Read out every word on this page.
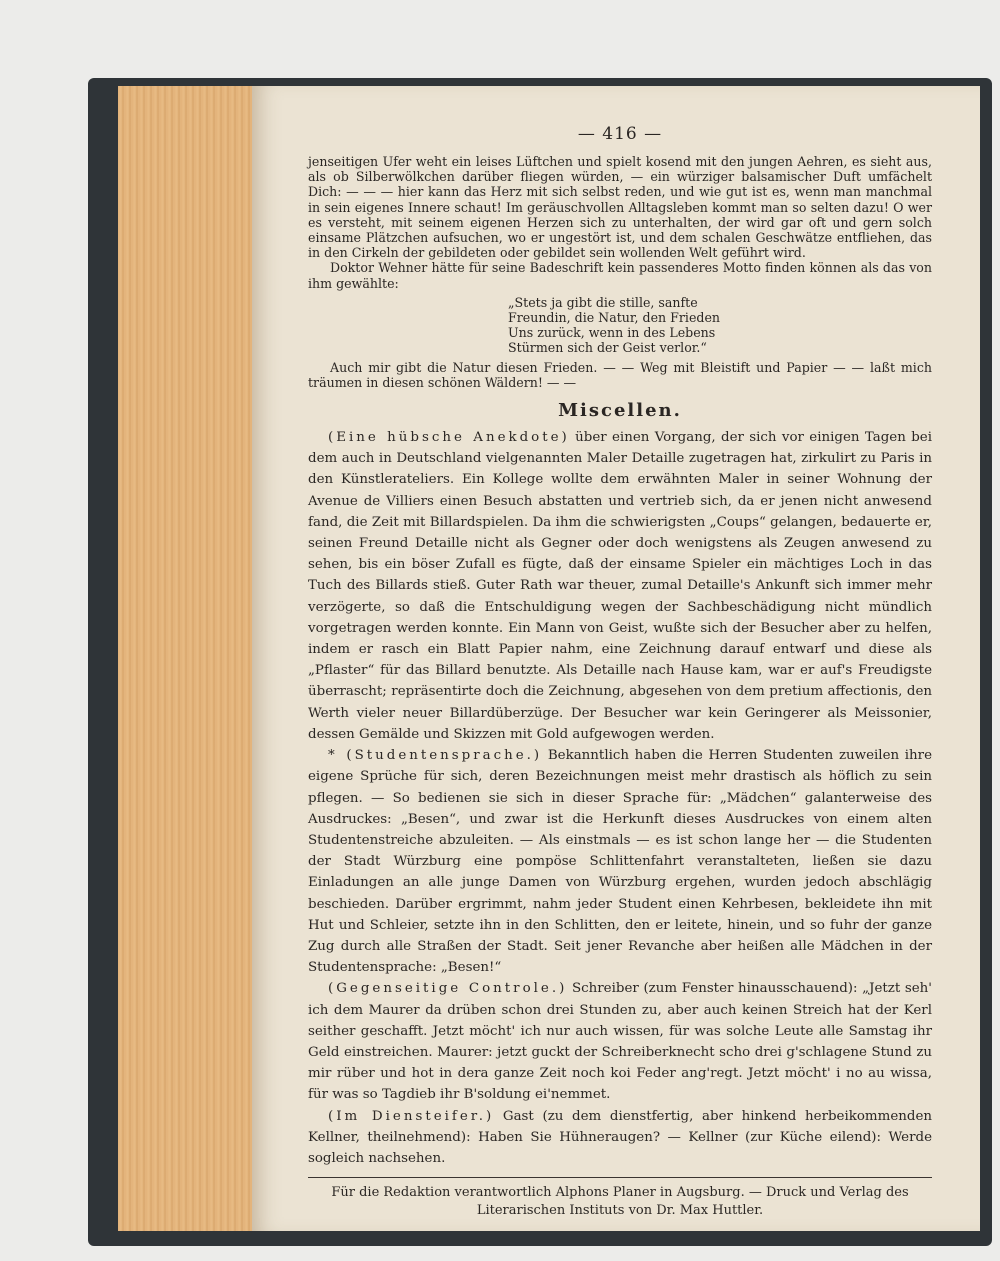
— 416 —

jenseitigen Ufer weht ein leises Lüftchen und spielt kosend mit den jungen Aehren, es sieht aus, als ob Silberwölkchen darüber fliegen würden, — ein würziger balsamischer Duft umfächelt Dich: — — — hier kann das Herz mit sich selbst reden, und wie gut ist es, wenn man manchmal in sein eigenes Innere schaut! Im geräuschvollen Alltagsleben kommt man so selten dazu! O wer es versteht, mit seinem eigenen Herzen sich zu unterhalten, der wird gar oft und gern solch einsame Plätzchen aufsuchen, wo er ungestört ist, und dem schalen Geschwätze entfliehen, das in den Cirkeln der gebildeten oder gebildet sein wollenden Welt geführt wird.

Doktor Wehner hätte für seine Badeschrift kein passenderes Motto finden können als das von ihm gewählte:

„Stets ja gibt die stille, sanfte
Freundin, die Natur, den Frieden
Uns zurück, wenn in des Lebens
Stürmen sich der Geist verlor.“

Auch mir gibt die Natur diesen Frieden. — — Weg mit Bleistift und Papier — — laßt mich träumen in diesen schönen Wäldern! — —

Miscellen.

(Eine hübsche Anekdote) über einen Vorgang, der sich vor einigen Tagen bei dem auch in Deutschland vielgenannten Maler Detaille zugetragen hat, zirkulirt zu Paris in den Künstlerateliers. Ein Kollege wollte dem erwähnten Maler in seiner Wohnung der Avenue de Villiers einen Besuch abstatten und vertrieb sich, da er jenen nicht anwesend fand, die Zeit mit Billardspielen. Da ihm die schwierigsten „Coups“ gelangen, bedauerte er, seinen Freund Detaille nicht als Gegner oder doch wenigstens als Zeugen anwesend zu sehen, bis ein böser Zufall es fügte, daß der einsame Spieler ein mächtiges Loch in das Tuch des Billards stieß. Guter Rath war theuer, zumal Detaille's Ankunft sich immer mehr verzögerte, so daß die Entschuldigung wegen der Sachbeschädigung nicht mündlich vorgetragen werden konnte. Ein Mann von Geist, wußte sich der Besucher aber zu helfen, indem er rasch ein Blatt Papier nahm, eine Zeichnung darauf entwarf und diese als „Pflaster“ für das Billard benutzte. Als Detaille nach Hause kam, war er auf's Freudigste überrascht; repräsentirte doch die Zeichnung, abgesehen von dem pretium affectionis, den Werth vieler neuer Billardüberzüge. Der Besucher war kein Geringerer als Meissonier, dessen Gemälde und Skizzen mit Gold aufgewogen werden.

* (Studentensprache.) Bekanntlich haben die Herren Studenten zuweilen ihre eigene Sprüche für sich, deren Bezeichnungen meist mehr drastisch als höflich zu sein pflegen. — So bedienen sie sich in dieser Sprache für: „Mädchen“ galanterweise des Ausdruckes: „Besen“, und zwar ist die Herkunft dieses Ausdruckes von einem alten Studentenstreiche abzuleiten. — Als einstmals — es ist schon lange her — die Studenten der Stadt Würzburg eine pompöse Schlittenfahrt veranstalteten, ließen sie dazu Einladungen an alle junge Damen von Würzburg ergehen, wurden jedoch abschlägig beschieden. Darüber ergrimmt, nahm jeder Student einen Kehrbesen, bekleidete ihn mit Hut und Schleier, setzte ihn in den Schlitten, den er leitete, hinein, und so fuhr der ganze Zug durch alle Straßen der Stadt. Seit jener Revanche aber heißen alle Mädchen in der Studentensprache: „Besen!“

(Gegenseitige Controle.) Schreiber (zum Fenster hinausschauend): „Jetzt seh' ich dem Maurer da drüben schon drei Stunden zu, aber auch keinen Streich hat der Kerl seither geschafft. Jetzt möcht' ich nur auch wissen, für was solche Leute alle Samstag ihr Geld einstreichen. Maurer: jetzt guckt der Schreiberknecht scho drei g'schlagene Stund zu mir rüber und hot in dera ganze Zeit noch koi Feder ang'regt. Jetzt möcht' i no au wissa, für was so Tagdieb ihr B'soldung ei'nemmet.

(Im Diensteifer.) Gast (zu dem dienstfertig, aber hinkend herbeikommenden Kellner, theilnehmend): Haben Sie Hühneraugen? — Kellner (zur Küche eilend): Werde sogleich nachsehen.

Für die Redaktion verantwortlich Alphons Planer in Augsburg. — Druck und Verlag des
Literarischen Instituts von Dr. Max Huttler.
